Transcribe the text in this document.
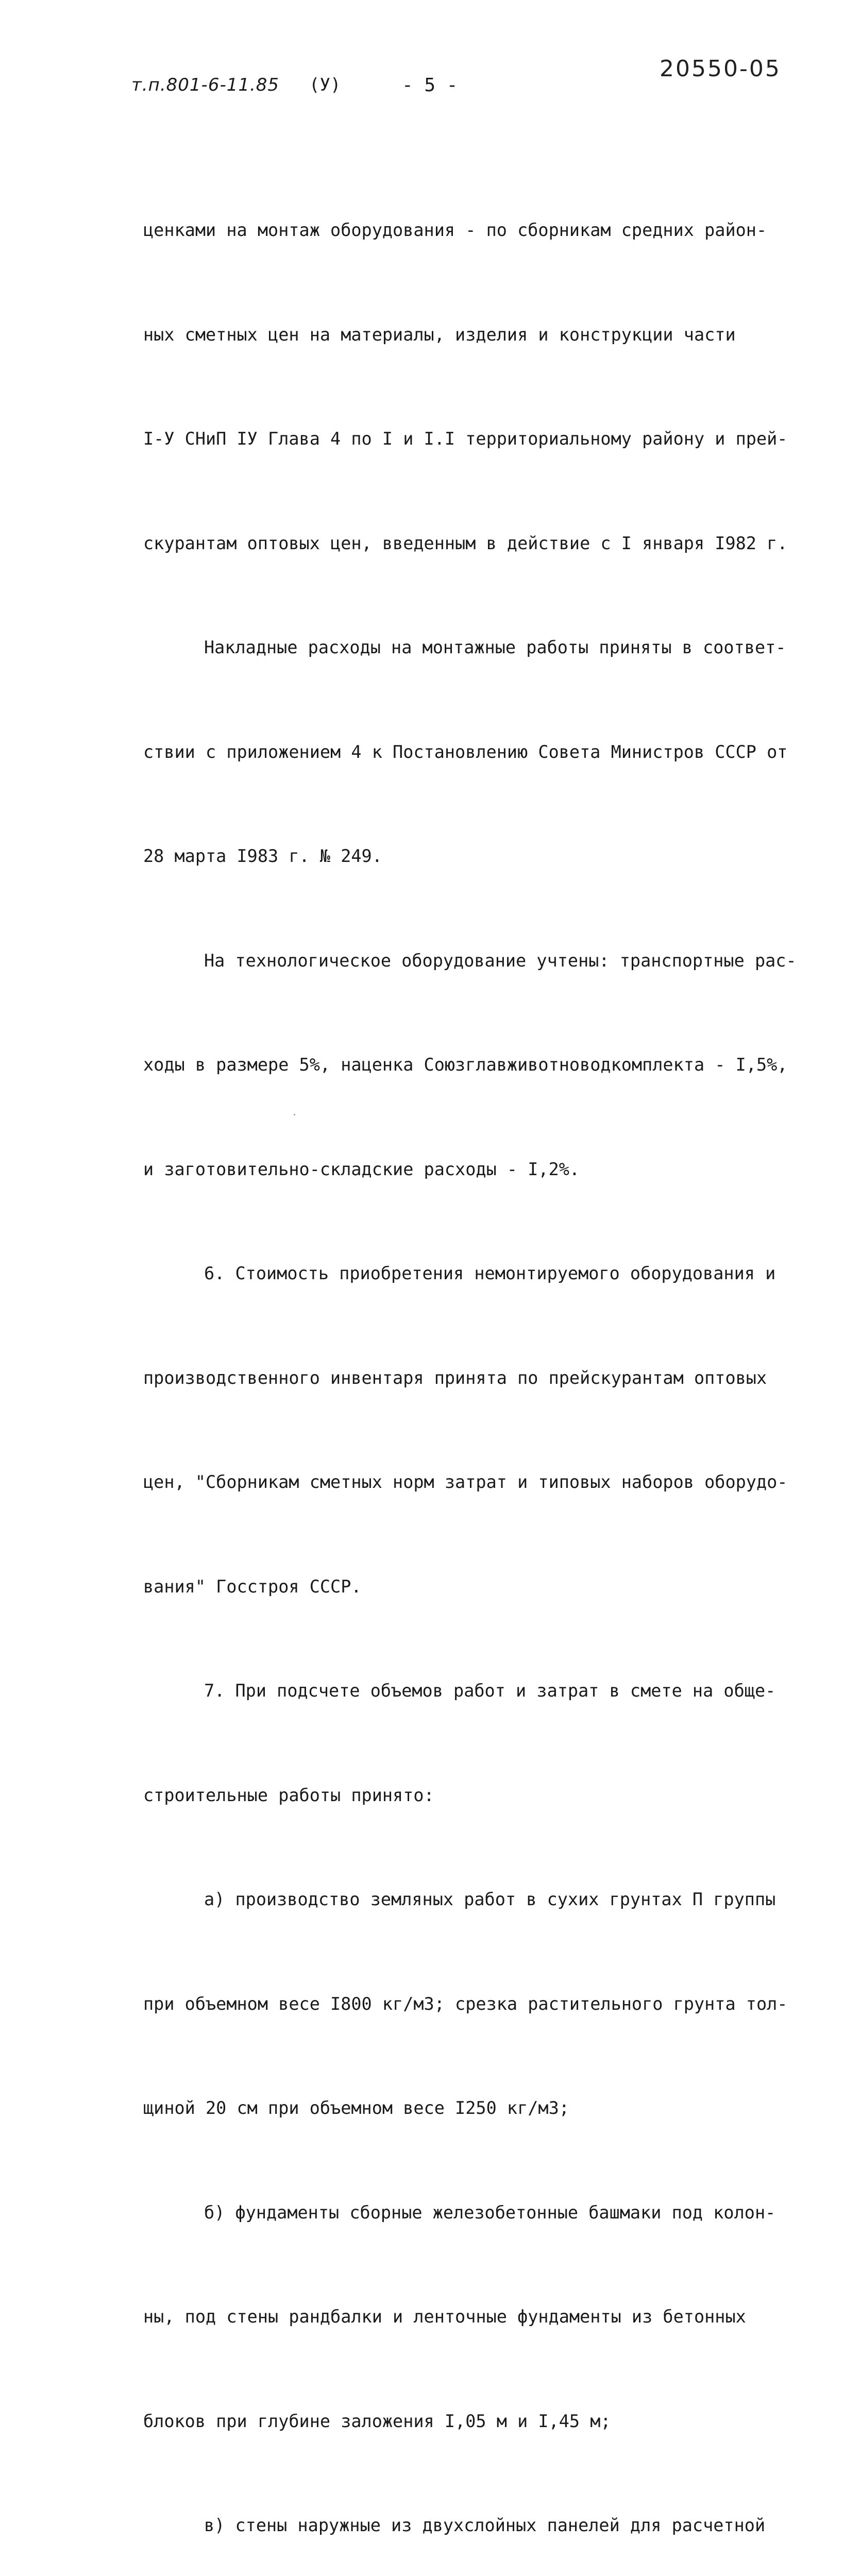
20550-05
т.п.801-6-11.85 (У)	- 5 -

ценками на монтаж оборудования - по сборникам средних район-

ных сметных цен на материалы, изделия и конструкции части

I-У СНиП IУ Глава 4 по I и I.I территориальному району и прей-

скурантам оптовых цен, введенным в действие с I января I982 г.

Накладные расходы на монтажные работы приняты в соответ-

ствии с приложением 4 к Постановлению Совета Министров СССР от

28 марта I983 г. № 249.

На технологическое оборудование учтены: транспортные рас-

ходы в размере 5%, наценка Союзглавживотноводкомплекта - I,5%,

и заготовительно-складские расходы - I,2%.

6. Стоимость приобретения немонтируемого оборудования и

производственного инвентаря принята по прейскурантам оптовых

цен, "Сборникам сметных норм затрат и типовых наборов оборудо-

вания" Госстроя СССР.

7. При подсчете объемов работ и затрат в смете на обще-

строительные работы принято:

а) производство земляных работ в сухих грунтах П группы

при объемном весе I800 кг/м3; срезка растительного грунта тол-

щиной 20 см при объемном весе I250 кг/м3;

б) фундаменты сборные железобетонные башмаки под колон-

ны, под стены рандбалки и ленточные фундаменты из бетонных

блоков при глубине заложения I,05 м и I,45 м;

в) стены наружные из двухслойных панелей для расчетной
